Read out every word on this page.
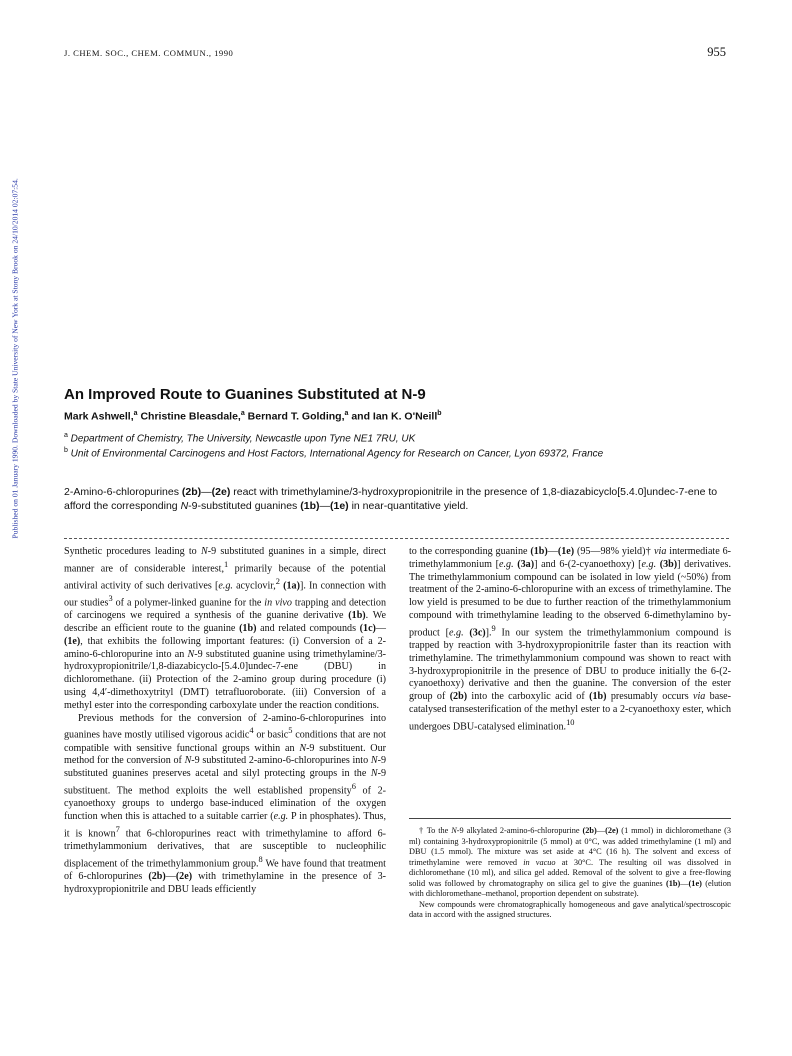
J. CHEM. SOC., CHEM. COMMUN., 1990	955
Published on 01 January 1990. Downloaded by State University of New York at Stony Brook on 24/10/2014 02:07:54.	An Improved Route to Guanines Substituted at N-9
Mark Ashwell,$^a$ Christine Bleasdale,$^a$ Bernard T. Golding,$^a$ and Ian K. O'Neill$^b$
$^a$ Department of Chemistry, The University, Newcastle upon Tyne NE1 7RU, UK
$^b$ Unit of Environmental Carcinogens and Host Factors, International Agency for Research on Cancer, Lyon 69372, France

2-Amino-6-chloropurines (2b)—(2e) react with trimethylamine/3-hydroxypropionitrile in the presence of 1,8-diazabicyclo[5.4.0]undec-7-ene to afford the corresponding N-9-substituted guanines (1b)—(1e) in near-quantitative yield.

Synthetic procedures leading to N-9 substituted guanines in a simple, direct manner are of considerable interest,$^1$ primarily because of the potential antiviral activity of such derivatives [e.g. acyclovir,$^2$ (1a)]. In connection with our studies$^3$ of a polymer-linked guanine for the in vivo trapping and detection of carcinogens we required a synthesis of the guanine derivative (1b). We describe an efficient route to the guanine (1b) and related compounds (1c)—(1e), that exhibits the following important features: (i) Conversion of a 2-amino-6-chloropurine into an N-9 substituted guanine using trimethylamine/3-hydroxypropionitrile/1,8-diazabicyclo-[5.4.0]undec-7-ene (DBU) in dichloromethane. (ii) Protection of the 2-amino group during procedure (i) using 4,4′-dimethoxytrityl (DMT) tetrafluoroborate. (iii) Conversion of a methyl ester into the corresponding carboxylate under the reaction conditions.

Previous methods for the conversion of 2-amino-6-chloropurines into guanines have mostly utilised vigorous acidic$^4$ or basic$^5$ conditions that are not compatible with sensitive functional groups within an N-9 substituent. Our method for the conversion of N-9 substituted 2-amino-6-chloropurines into N-9 substituted guanines preserves acetal and silyl protecting groups in the N-9 substituent. The method exploits the well established propensity$^6$ of 2-cyanoethoxy groups to undergo base-induced elimination of the oxygen function when this is attached to a suitable carrier (e.g. P in phosphates). Thus, it is known$^7$ that 6-chloropurines react with trimethylamine to afford 6-trimethylammonium derivatives, that are susceptible to nucleophilic displacement of the trimethylammonium group.$^8$ We have found that treatment of 6-chloropurines (2b)—(2e) with trimethylamine in the presence of 3-hydroxypropionitrile and DBU leads efficiently

to the corresponding guanine (1b)—(1e) (95—98% yield)† via intermediate 6-trimethylammonium [e.g. (3a)] and 6-(2-cyanoethoxy) [e.g. (3b)] derivatives. The trimethylammonium compound can be isolated in low yield (~50%) from treatment of the 2-amino-6-chloropurine with an excess of trimethylamine. The low yield is presumed to be due to further reaction of the trimethylammonium compound with trimethylamine leading to the observed 6-dimethylamino by-product [e.g. (3c)].$^9$ In our system the trimethylammonium compound is trapped by reaction with 3-hydroxypropionitrile faster than its reaction with trimethylamine. The trimethylammonium compound was shown to react with 3-hydroxypropionitrile in the presence of DBU to produce initially the 6-(2-cyanoethoxy) derivative and then the guanine. The conversion of the ester group of (2b) into the carboxylic acid of (1b) presumably occurs via base-catalysed transesterification of the methyl ester to a 2-cyanoethoxy ester, which undergoes DBU-catalysed elimination.$^{10}$

† To the N-9 alkylated 2-amino-6-chloropurine (2b)—(2e) (1 mmol) in dichloromethane (3 ml) containing 3-hydroxypropionitrile (5 mmol) at 0°C, was added trimethylamine (1 ml) and DBU (1.5 mmol). The mixture was set aside at 4°C (16 h). The solvent and excess of trimethylamine were removed in vacuo at 30°C. The resulting oil was dissolved in dichloromethane (10 ml), and silica gel added. Removal of the solvent to give a free-flowing solid was followed by chromatography on silica gel to give the guanines (1b)—(1e) (elution with dichloromethane–methanol, proportion dependent on substrate).

New compounds were chromatographically homogeneous and gave analytical/spectroscopic data in accord with the assigned structures.
